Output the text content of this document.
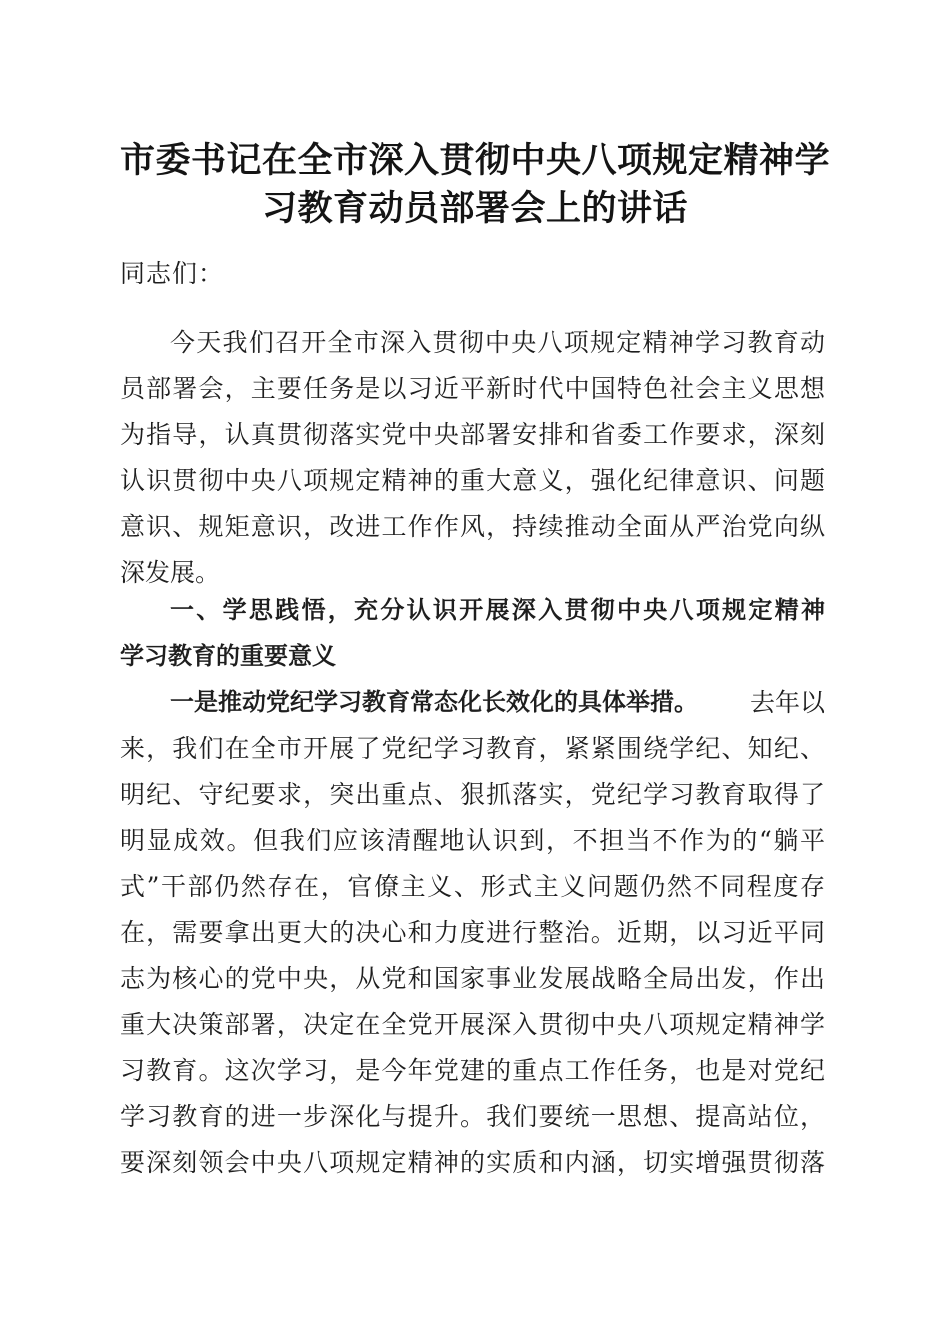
市委书记在全市深入贯彻中央八项规定精神学
习教育动员部署会上的讲话
同志们：
今天我们召开全市深入贯彻中央八项规定精神学习教育动
员部署会，主要任务是以习近平新时代中国特色社会主义思想
为指导，认真贯彻落实党中央部署安排和省委工作要求，深刻
认识贯彻中央八项规定精神的重大意义，强化纪律意识、问题
意识、规矩意识，改进工作作风，持续推动全面从严治党向纵
深发展。
一、学思践悟，充分认识开展深入贯彻中央八项规定精神
学习教育的重要意义
一是推动党纪学习教育常态化长效化的具体举措。 去年以
来，我们在全市开展了党纪学习教育，紧紧围绕学纪、知纪、
明纪、守纪要求，突出重点、狠抓落实，党纪学习教育取得了
明显成效。但我们应该清醒地认识到，不担当不作为的“躺平
式”干部仍然存在，官僚主义、形式主义问题仍然不同程度存
在，需要拿出更大的决心和力度进行整治。近期，以习近平同
志为核心的党中央，从党和国家事业发展战略全局出发，作出
重大决策部署，决定在全党开展深入贯彻中央八项规定精神学
习教育。这次学习，是今年党建的重点工作任务，也是对党纪
学习教育的进一步深化与提升。我们要统一思想、提高站位，
要深刻领会中央八项规定精神的实质和内涵，切实增强贯彻落
